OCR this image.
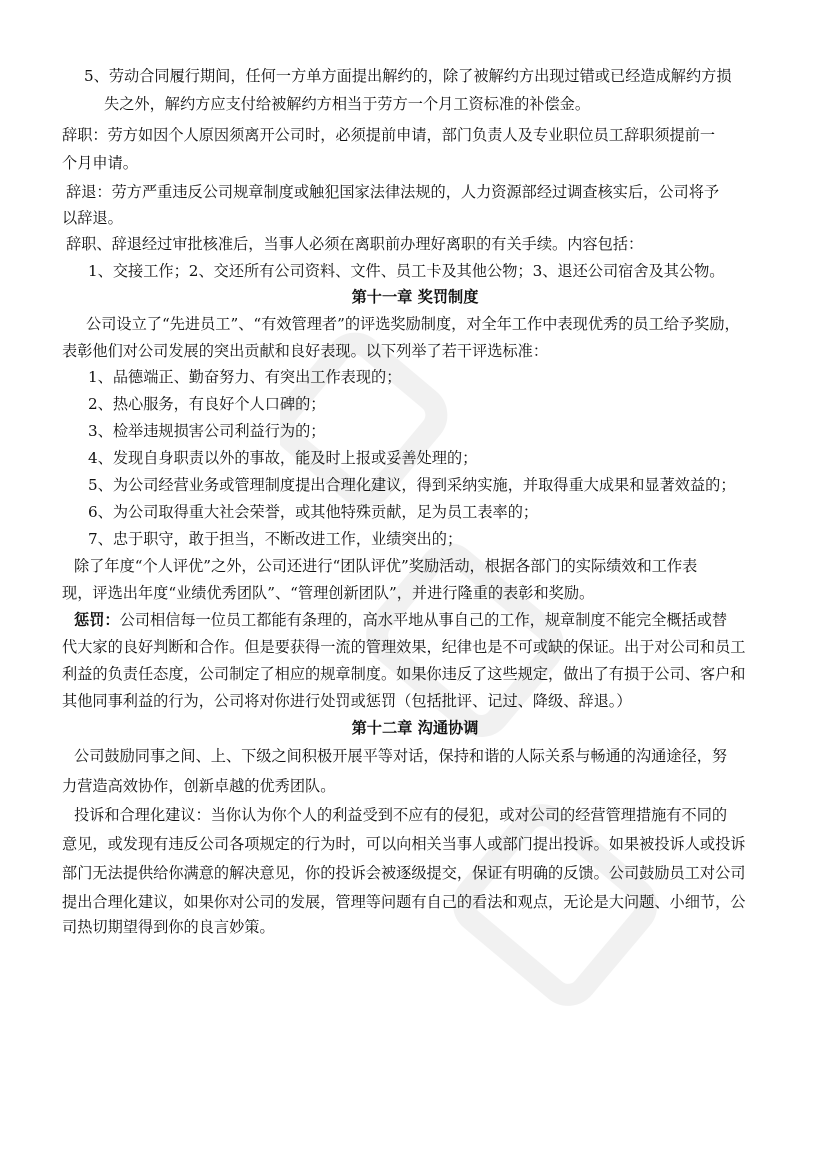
5、劳动合同履行期间，任何一方单方面提出解约的，除了被解约方出现过错或已经造成解约方损
失之外，解约方应支付给被解约方相当于劳方一个月工资标准的补偿金。
辞职：劳方如因个人原因须离开公司时，必须提前申请，部门负责人及专业职位员工辞职须提前一
个月申请。
辞退：劳方严重违反公司规章制度或触犯国家法律法规的，人力资源部经过调查核实后，公司将予
以辞退。
辞职、辞退经过审批核准后，当事人必须在离职前办理好离职的有关手续。内容包括：
1、交接工作；2、交还所有公司资料、文件、员工卡及其他公物；3、退还公司宿舍及其公物。
第十一章 奖罚制度
公司设立了“先进员工”、“有效管理者”的评选奖励制度，对全年工作中表现优秀的员工给予奖励，
表彰他们对公司发展的突出贡献和良好表现。以下列举了若干评选标准：
1、品德端正、勤奋努力、有突出工作表现的；
2、热心服务，有良好个人口碑的；
3、检举违规损害公司利益行为的；
4、发现自身职责以外的事故，能及时上报或妥善处理的；
5、为公司经营业务或管理制度提出合理化建议，得到采纳实施，并取得重大成果和显著效益的；
6、为公司取得重大社会荣誉，或其他特殊贡献，足为员工表率的；
7、忠于职守，敢于担当，不断改进工作，业绩突出的；
除了年度“个人评优”之外，公司还进行“团队评优”奖励活动，根据各部门的实际绩效和工作表
现，评选出年度“业绩优秀团队”、“管理创新团队”，并进行隆重的表彰和奖励。
惩罚：公司相信每一位员工都能有条理的，高水平地从事自己的工作，规章制度不能完全概括或替
代大家的良好判断和合作。但是要获得一流的管理效果，纪律也是不可或缺的保证。出于对公司和员工
利益的负责任态度，公司制定了相应的规章制度。如果你违反了这些规定，做出了有损于公司、客户和
其他同事利益的行为，公司将对你进行处罚或惩罚（包括批评、记过、降级、辞退。）
第十二章 沟通协调
公司鼓励同事之间、上、下级之间积极开展平等对话，保持和谐的人际关系与畅通的沟通途径，努
力营造高效协作，创新卓越的优秀团队。
投诉和合理化建议：当你认为你个人的利益受到不应有的侵犯，或对公司的经营管理措施有不同的
意见，或发现有违反公司各项规定的行为时，可以向相关当事人或部门提出投诉。如果被投诉人或投诉
部门无法提供给你满意的解决意见，你的投诉会被逐级提交，保证有明确的反馈。公司鼓励员工对公司
提出合理化建议，如果你对公司的发展，管理等问题有自己的看法和观点，无论是大问题、小细节，公
司热切期望得到你的良言妙策。
